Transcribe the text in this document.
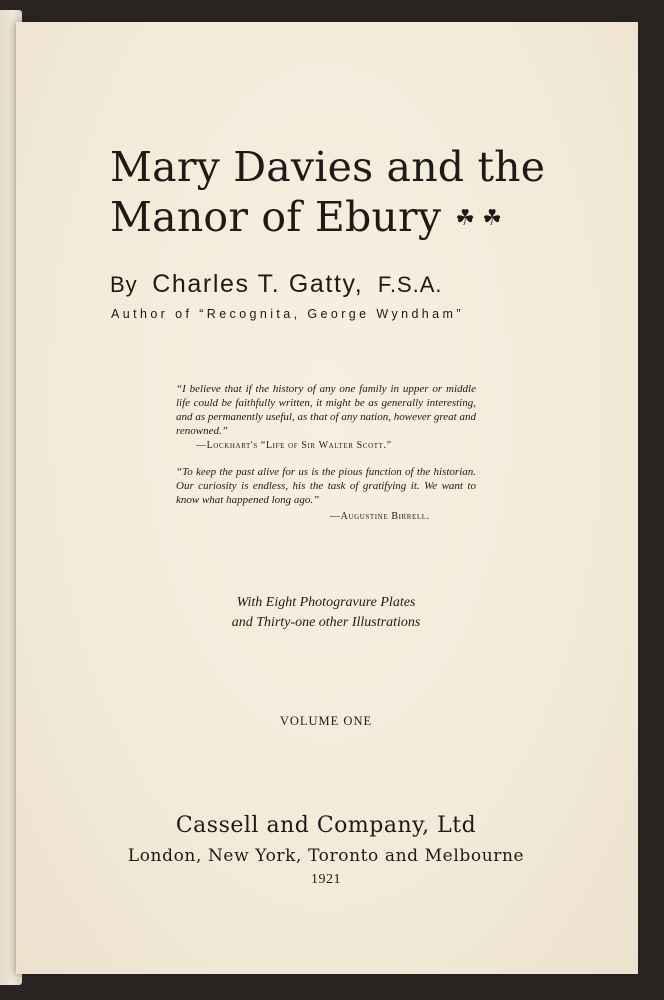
Mary Davies and the
Manor of Ebury ☘ ☘
By Charles T. Gatty, F.S.A.
Author of “Recognita, George Wyndham”
“I believe that if the history of any one family in upper or middle life could be faithfully written, it might be as generally interesting, and as permanently useful, as that of any nation, however great and renowned.”
—Lockhart's “Life of Sir Walter Scott.”
“To keep the past alive for us is the pious function of the historian. Our curiosity is endless, his the task of gratifying it. We want to know what happened long ago.”
—Augustine Birrell.
With Eight Photogravure Plates
and Thirty-one other Illustrations
VOLUME ONE
Cassell and Company, Ltd
London, New York, Toronto and Melbourne
1921
